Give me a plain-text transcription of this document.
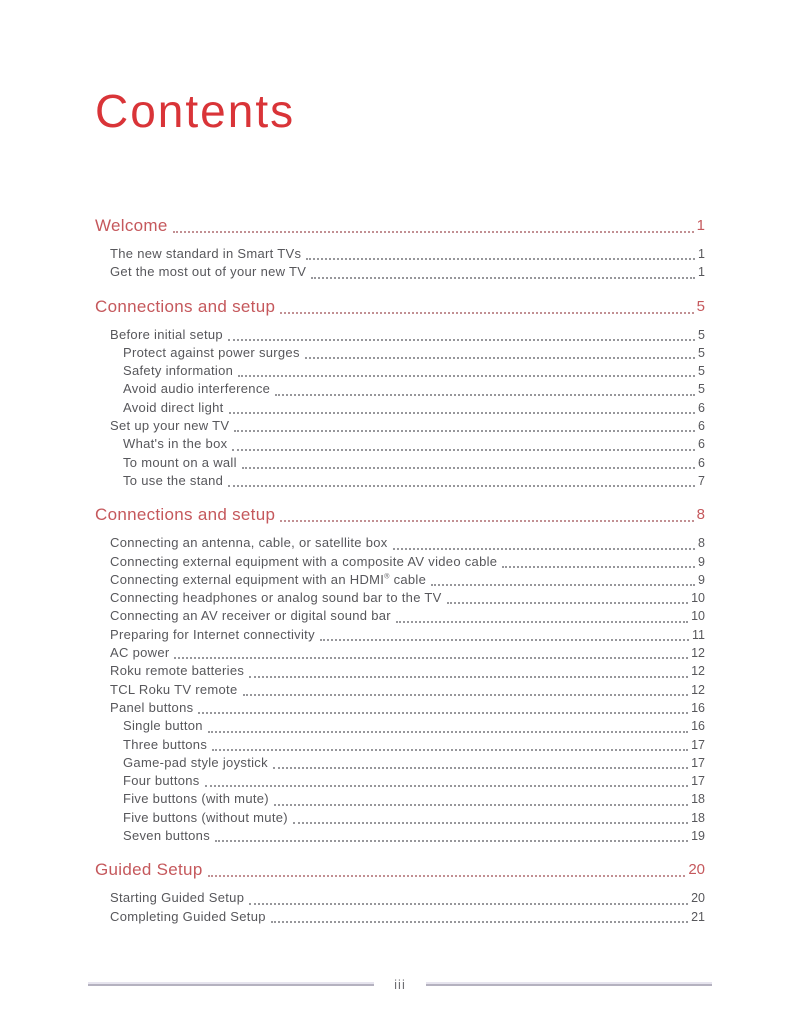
Contents
Welcome	1
The new standard in Smart TVs	1
Get the most out of your new TV	1
Connections and setup	5
Before initial setup	5
Protect against power surges	5
Safety information	5
Avoid audio interference	5
Avoid direct light	6
Set up your new TV	6
What's in the box	6
To mount on a wall	6
To use the stand	7
Connections and setup	8
Connecting an antenna, cable, or satellite box	8
Connecting external equipment with a composite AV video cable	9
Connecting external equipment with an HDMI® cable	9
Connecting headphones or analog sound bar to the TV	10
Connecting an AV receiver or digital sound bar	10
Preparing for Internet connectivity	11
AC power	12
Roku remote batteries	12
TCL Roku TV remote	12
Panel buttons	16
Single button	16
Three buttons	17
Game-pad style joystick	17
Four buttons	17
Five buttons (with mute)	18
Five buttons (without mute)	18
Seven buttons	19
Guided Setup	20
Starting Guided Setup	20
Completing Guided Setup	21
iii
